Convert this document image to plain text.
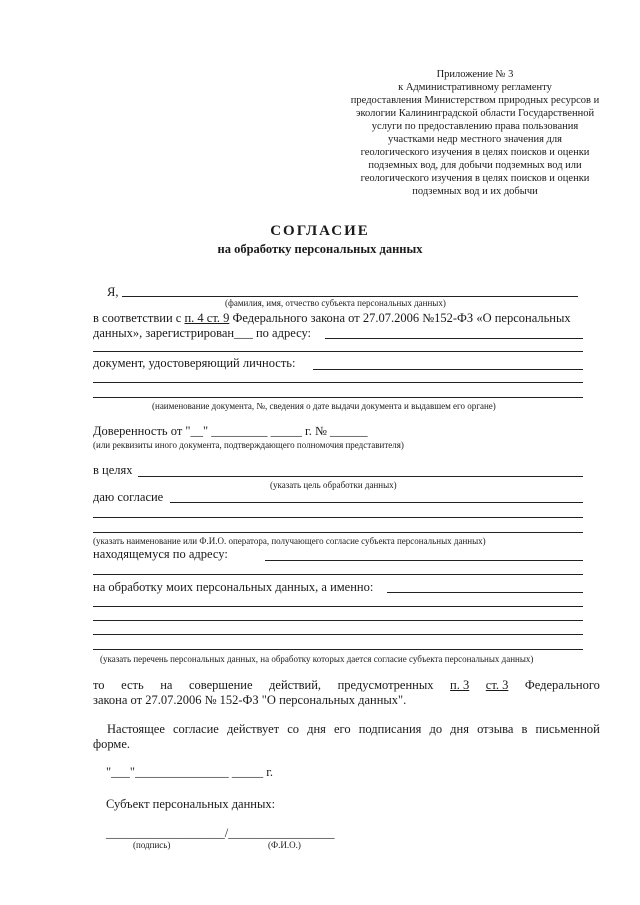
Приложение № 3
к Административному регламенту
предоставления Министерством природных ресурсов и
экологии Калининградской области Государственной
услуги по предоставлению права пользования
участками недр местного значения для
геологического изучения в целях поисков и оценки
подземных вод, для добычи подземных вод или
геологического изучения в целях поисков и оценки
подземных вод и их добычи
СОГЛАСИЕ
на обработку персональных данных
Я,
(фамилия, имя, отчество субъекта персональных данных)
в соответствии с п. 4 ст. 9 Федерального закона от 27.07.2006 №152-ФЗ «О персональных
данных», зарегистрирован___ по адресу:
документ, удостоверяющий личность:
(наименование документа, №, сведения о дате выдачи документа и выдавшем его органе)
Доверенность от "__" _________ _____ г. № ______
(или реквизиты иного документа, подтверждающего полномочия представителя)
в целях
(указать цель обработки данных)
даю согласие
(указать наименование или Ф.И.О. оператора, получающего согласие субъекта персональных данных)
находящемуся по адресу:
на обработку моих персональных данных, а именно:
(указать перечень персональных данных, на обработку которых дается согласие субъекта персональных данных)
то есть на совершение действий, предусмотренных п. 3 ст. 3 Федерального
закона от 27.07.2006 № 152-ФЗ "О персональных данных".
Настоящее согласие действует со дня его подписания до дня отзыва в письменной
форме.
"___"_______________ _____ г.
Субъект персональных данных:
___________________/_________________
(подпись)	(Ф.И.О.)
